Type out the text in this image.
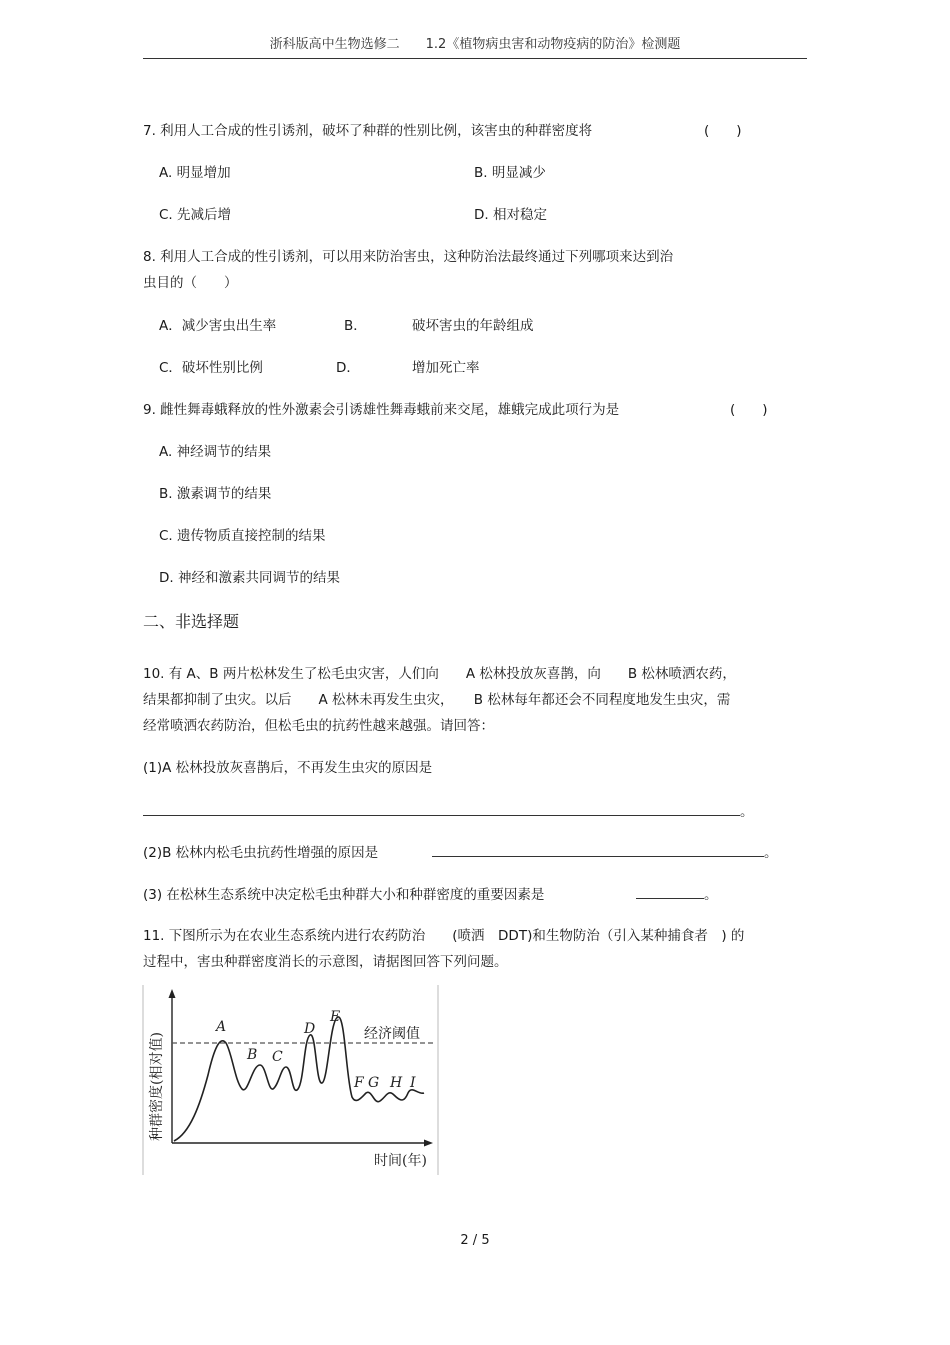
浙科版高中生物选修二　　1.2《植物病虫害和动物疫病的防治》检测题
7. 利用人工合成的性引诱剂，破坏了种群的性别比例，该害虫的种群密度将	(　　)
A. 明显增加	B. 明显减少
C. 先减后增	D. 相对稳定
8. 利用人工合成的性引诱剂，可以用来防治害虫，这种防治法最终通过下列哪项来达到治
虫目的（　　）
A．减少害虫出生率	B．	破坏害虫的年龄组成
C．破坏性别比例	D．	增加死亡率
9. 雌性舞毒蛾释放的性外激素会引诱雄性舞毒蛾前来交尾，雄蛾完成此项行为是	(　　)
A. 神经调节的结果
B. 激素调节的结果
C. 遗传物质直接控制的结果
D. 神经和激素共同调节的结果
二、非选择题
10. 有 A、B 两片松林发生了松毛虫灾害，人们向　　A 松林投放灰喜鹊，向　　B 松林喷洒农药，
结果都抑制了虫灾。以后　　A 松林未再发生虫灾，　　B 松林每年都还会不同程度地发生虫灾，需
经常喷洒农药防治，但松毛虫的抗药性越来越强。请回答：
(1)A 松林投放灰喜鹊后，不再发生虫灾的原因是
。
(2)B 松林内松毛虫抗药性增强的原因是	。
(3) 在松林生态系统中决定松毛虫种群大小和种群密度的重要因素是	。
11. 下图所示为在农业生态系统内进行农药防治　　(喷洒　DDT)和生物防治（引入某种捕食者　) 的
过程中，害虫种群密度消长的示意图，请据图回答下列问题。
经济阈值
A
B C
D
E
F G H I
种群密度(相对值)
时间(年)
2 / 5
